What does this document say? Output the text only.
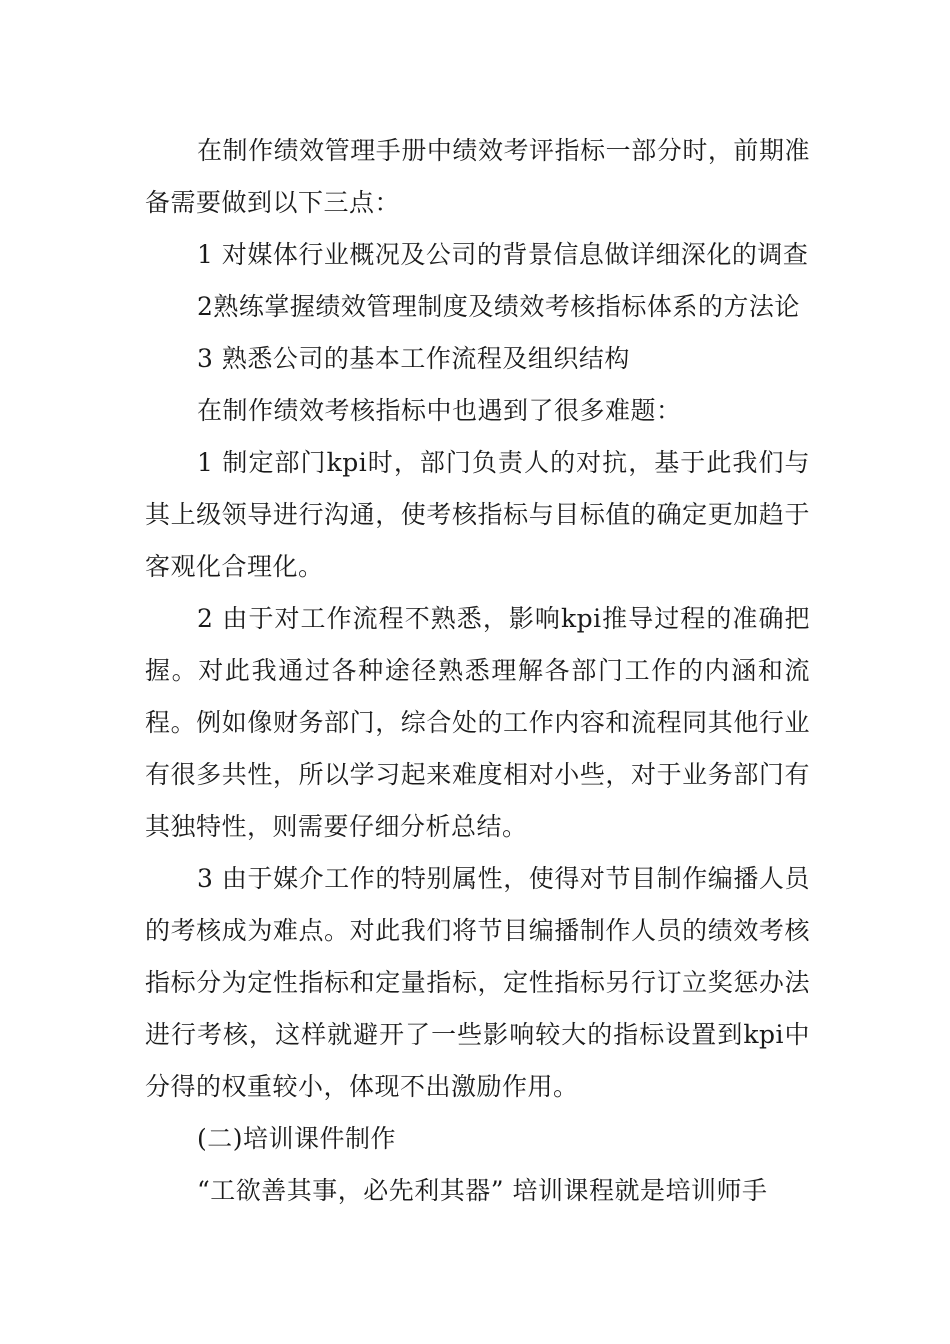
在制作绩效管理手册中绩效考评指标一部分时，前期准备需要做到以下三点：

1 对媒体行业概况及公司的背景信息做详细深化的调查

2熟练掌握绩效管理制度及绩效考核指标体系的方法论

3 熟悉公司的基本工作流程及组织结构

在制作绩效考核指标中也遇到了很多难题：

1 制定部门kpi时，部门负责人的对抗，基于此我们与其上级领导进行沟通，使考核指标与目标值的确定更加趋于客观化合理化。

2 由于对工作流程不熟悉，影响kpi推导过程的准确把握。对此我通过各种途径熟悉理解各部门工作的内涵和流程。例如像财务部门，综合处的工作内容和流程同其他行业有很多共性，所以学习起来难度相对小些，对于业务部门有其独特性，则需要仔细分析总结。

3 由于媒介工作的特别属性，使得对节目制作编播人员的考核成为难点。对此我们将节目编播制作人员的绩效考核指标分为定性指标和定量指标，定性指标另行订立奖惩办法进行考核，这样就避开了一些影响较大的指标设置到kpi中分得的权重较小，体现不出激励作用。

(二)培训课件制作

“工欲善其事，必先利其器” 培训课程就是培训师手
